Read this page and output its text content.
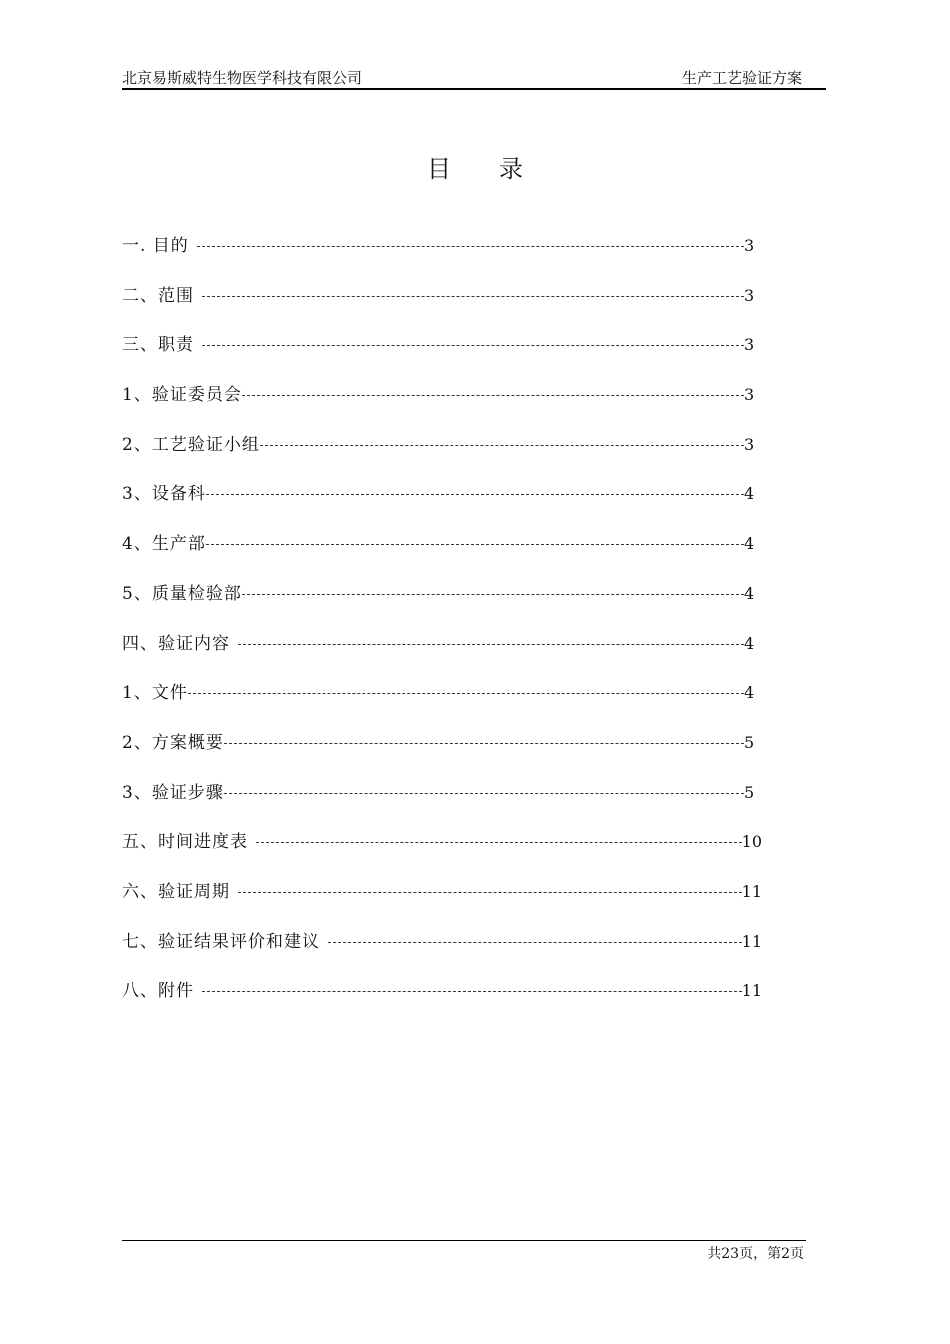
北京易斯威特生物医学科技有限公司	生产工艺验证方案
目 录
一. 目的	3
二、范围	3
三、职责	3
1、验证委员会	3
2、工艺验证小组	3
3、设备科	4
4、生产部	4
5、质量检验部	4
四、验证内容	4
1、文件	4
2、方案概要	5
3、验证步骤	5
五、时间进度表	10
六、验证周期	11
七、验证结果评价和建议	11
八、附件	11
共23页，第2页
